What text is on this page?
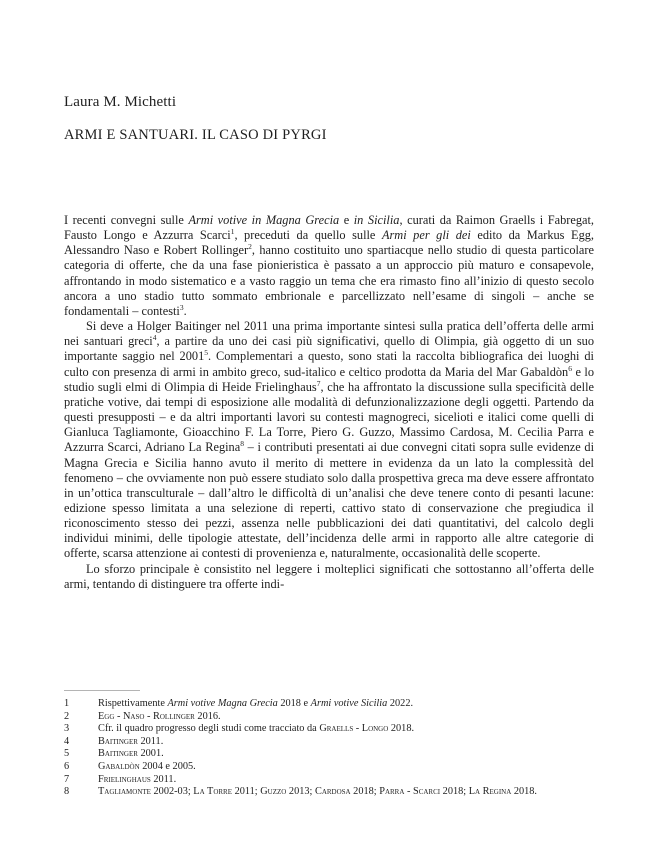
Laura M. Michetti
ARMI E SANTUARI. IL CASO DI PYRGI

I recenti convegni sulle Armi votive in Magna Grecia e in Sicilia, curati da Raimon Graells i Fabregat, Fausto Longo e Azzurra Scarci$^1$, preceduti da quello sulle Armi per gli dei edito da Markus Egg, Alessandro Naso e Robert Rollinger$^2$, hanno costituito uno spartiacque nello studio di questa particolare categoria di offerte, che da una fase pionieristica è passato a un approccio più maturo e consapevole, affrontando in modo sistematico e a vasto raggio un tema che era rimasto fino all’inizio di questo secolo ancora a uno stadio tutto sommato embrionale e parcellizzato nell’esame di singoli – anche se fondamentali – contesti$^3$.

Si deve a Holger Baitinger nel 2011 una prima importante sintesi sulla pratica dell’offerta delle armi nei santuari greci$^4$, a partire da uno dei casi più significativi, quello di Olimpia, già oggetto di un suo importante saggio nel 2001$^5$. Complementari a questo, sono stati la raccolta bibliografica dei luoghi di culto con presenza di armi in ambito greco, sud-italico e celtico prodotta da Maria del Mar Gabaldòn$^6$ e lo studio sugli elmi di Olimpia di Heide Frielinghaus$^7$, che ha affrontato la discussione sulla specificità delle pratiche votive, dai tempi di esposizione alle modalità di defunzionalizzazione degli oggetti. Partendo da questi presupposti – e da altri importanti lavori su contesti magnogreci, sicelioti e italici come quelli di Gianluca Tagliamonte, Gioacchino F. La Torre, Piero G. Guzzo, Massimo Cardosa, M. Cecilia Parra e Azzurra Scarci, Adriano La Regina$^8$ – i contributi presentati ai due convegni citati sopra sulle evidenze di Magna Grecia e Sicilia hanno avuto il merito di mettere in evidenza da un lato la complessità del fenomeno – che ovviamente non può essere studiato solo dalla prospettiva greca ma deve essere affrontato in un’ottica transculturale – dall’altro le difficoltà di un’analisi che deve tenere conto di pesanti lacune: edizione spesso limitata a una selezione di reperti, cattivo stato di conservazione che pregiudica il riconoscimento stesso dei pezzi, assenza nelle pubblicazioni dei dati quantitativi, del calcolo degli individui minimi, delle tipologie attestate, dell’incidenza delle armi in rapporto alle altre categorie di offerte, scarsa attenzione ai contesti di provenienza e, naturalmente, occasionalità delle scoperte.

Lo sforzo principale è consistito nel leggere i molteplici significati che sottostanno all’offerta delle armi, tentando di distinguere tra offerte indi-

1	Rispettivamente Armi votive Magna Grecia 2018 e Armi votive Sicilia 2022.
2	Egg - Naso - Rollinger 2016.
3	Cfr. il quadro progresso degli studi come tracciato da Graells - Longo 2018.
4	Baitinger 2011.
5	Baitinger 2001.
6	Gabaldòn 2004 e 2005.
7	Frielinghaus 2011.
8	Tagliamonte 2002-03; La Torre 2011; Guzzo 2013; Cardosa 2018; Parra - Scarci 2018; La Regina 2018.
